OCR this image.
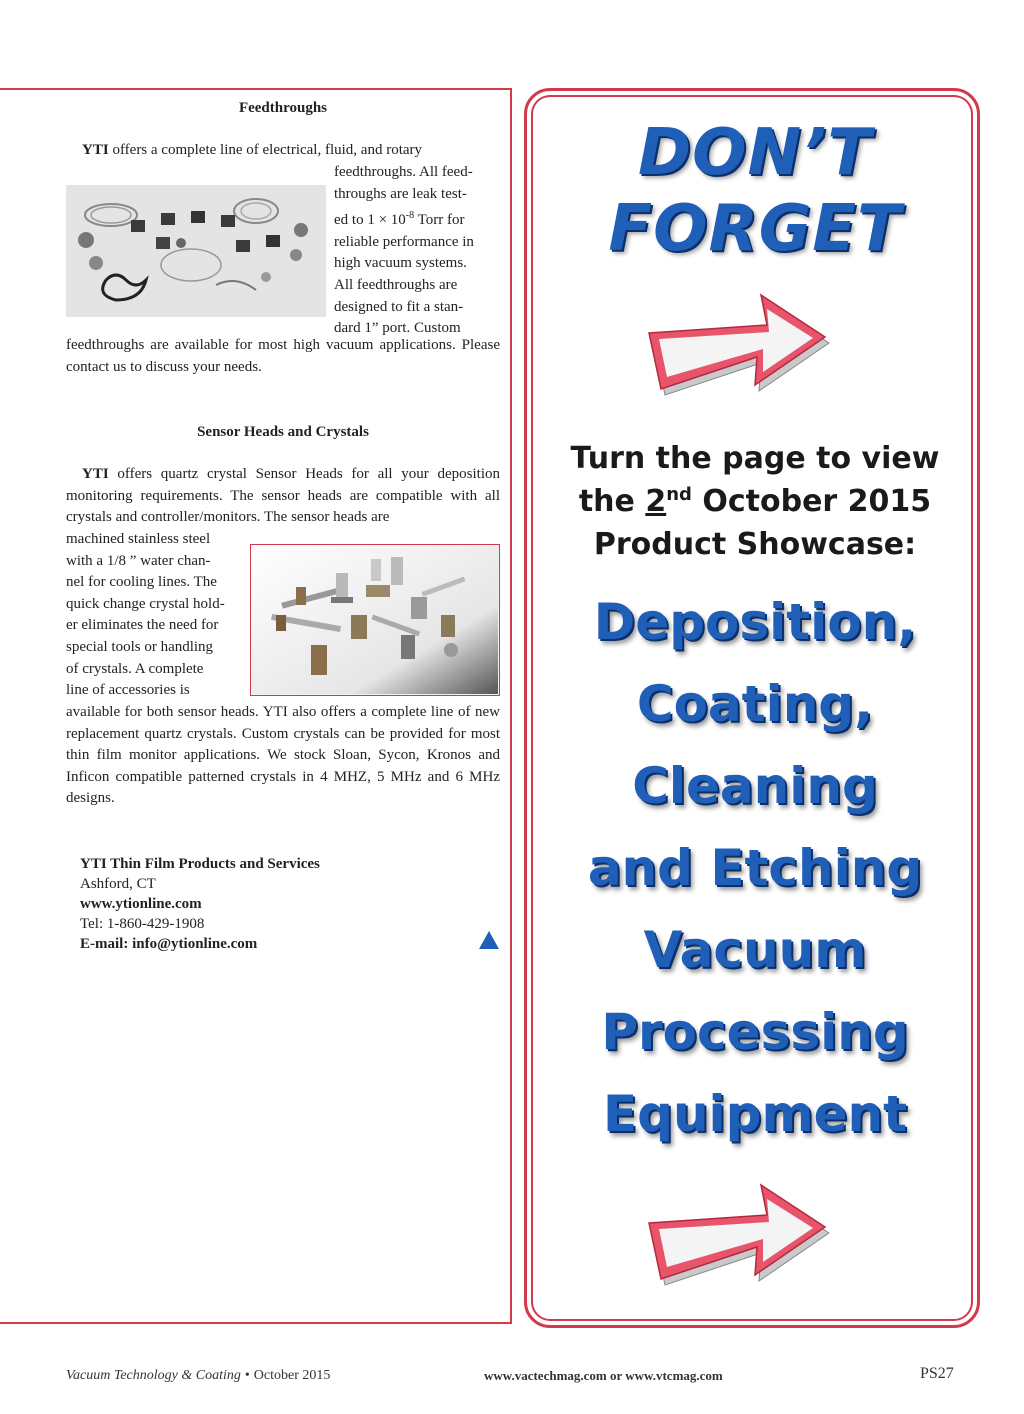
Feedthroughs
YTI offers a complete line of electrical, fluid, and rotary
feedthroughs. All feed-
throughs are leak test-
ed to $1 \times 10^{-8}$ Torr for
reliable performance in
high vacuum systems.
All feedthroughs are
designed to fit a stan-
dard 1” port. Custom
feedthroughs are available for most high vacuum applications. Please contact us to discuss your needs.
Sensor Heads and Crystals
YTI offers quartz crystal Sensor Heads for all your deposition monitoring requirements. The sensor heads are compatible with all crystals and controller/monitors. The sensor heads are
machined stainless steel
with a 1/8 ” water chan-
nel for cooling lines. The
quick change crystal hold-
er eliminates the need for
special tools or handling
of crystals. A complete
line of accessories is
available for both sensor heads. YTI also offers a complete line of new replacement quartz crystals. Custom crystals can be provided for most thin film monitor applications. We stock Sloan, Sycon, Kronos and Inficon compatible patterned crystals in 4 MHZ, 5 MHz and 6 MHz designs.
YTI Thin Film Products and Services
Ashford, CT
www.ytionline.com
Tel: 1-860-429-1908
E-mail: info@ytionline.com
DON’T
FORGET
Turn the page to view
the 2nd October 2015
Product Showcase:
Deposition,
Coating,
Cleaning
and Etching
Vacuum
Processing
Equipment
Vacuum Technology & Coating • October 2015	www.vactechmag.com or www.vtcmag.com	PS27
